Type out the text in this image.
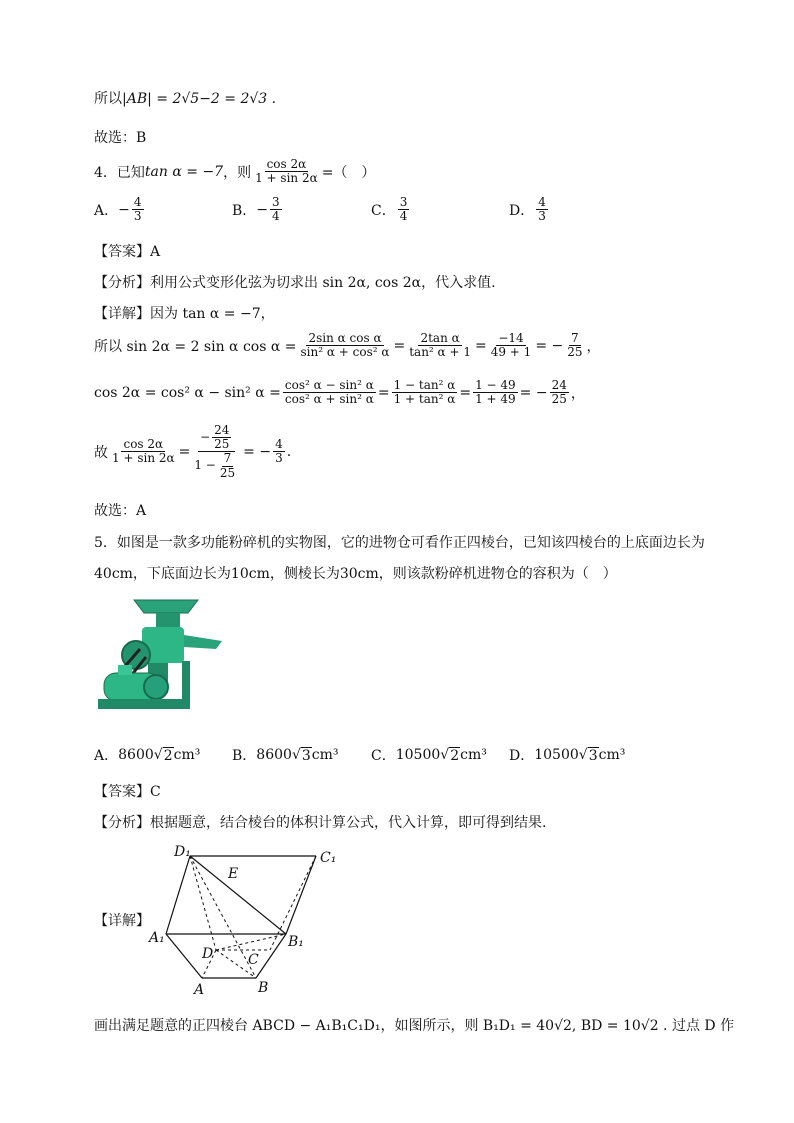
所以|AB| = 2√5−2 = 2√3 .
故选：B
4．已知 tan α = −7 ，则 $\frac{\cos 2\alpha}{1 + \sin 2\alpha}$ =（　）
A． − $\frac{4}{3}$	B． − $\frac{3}{4}$	C． $\frac{3}{4}$	D． $\frac{4}{3}$
【答案】A
【分析】利用公式变形化弦为切求出 sin 2α, cos 2α，代入求值.
【详解】因为 tan α = −7，
所以 sin 2α = 2 sin α $\cos \alpha = \frac{\text{2sin α cos α}}{\text{sin² α + cos² α}} = \frac{\text{2tan α}}{\text{tan² α + 1}} = \frac{-14}{49 + 1}$ = − $\frac{7}{25}$ ，
cos 2α = cos² α − sin² $\alpha = \frac{\text{cos² α − sin² α}}{\text{cos² α + sin² α}} = \frac{\text{1 − tan² α}}{\text{1 + tan² α}} = \frac{1 - 49}{1 + 49}$ = − $\frac{24}{25}$ ，
故 $\frac{\cos 2\alpha}{1 + \sin 2\alpha} = \frac{- \frac{24}{25}}{1 - \frac{7}{25}}$ = − $\frac{4}{3}$ .
故选：A
5．如图是一款多功能粉碎机的实物图，它的进物仓可看作正四棱台，已知该四棱台的上底面边长为
40cm，下底面边长为10cm，侧棱长为30cm，则该款粉碎机进物仓的容积为（　）
A． 8600 √ 2 cm³ B． 8600 √ 3 cm³ C． 10500 √ 2 cm³ D． 10500 √ 3 cm³
【答案】C
【分析】根据题意，结合棱台的体积计算公式，代入计算，即可得到结果.
【详解】
D₁	C₁
E
A₁	B₁
D C
A	B
画出满足题意的正四棱台 ABCD − A₁B₁C₁D₁，如图所示，则 B₁D₁ = 40√2, BD = 10√2 . 过点 D 作
